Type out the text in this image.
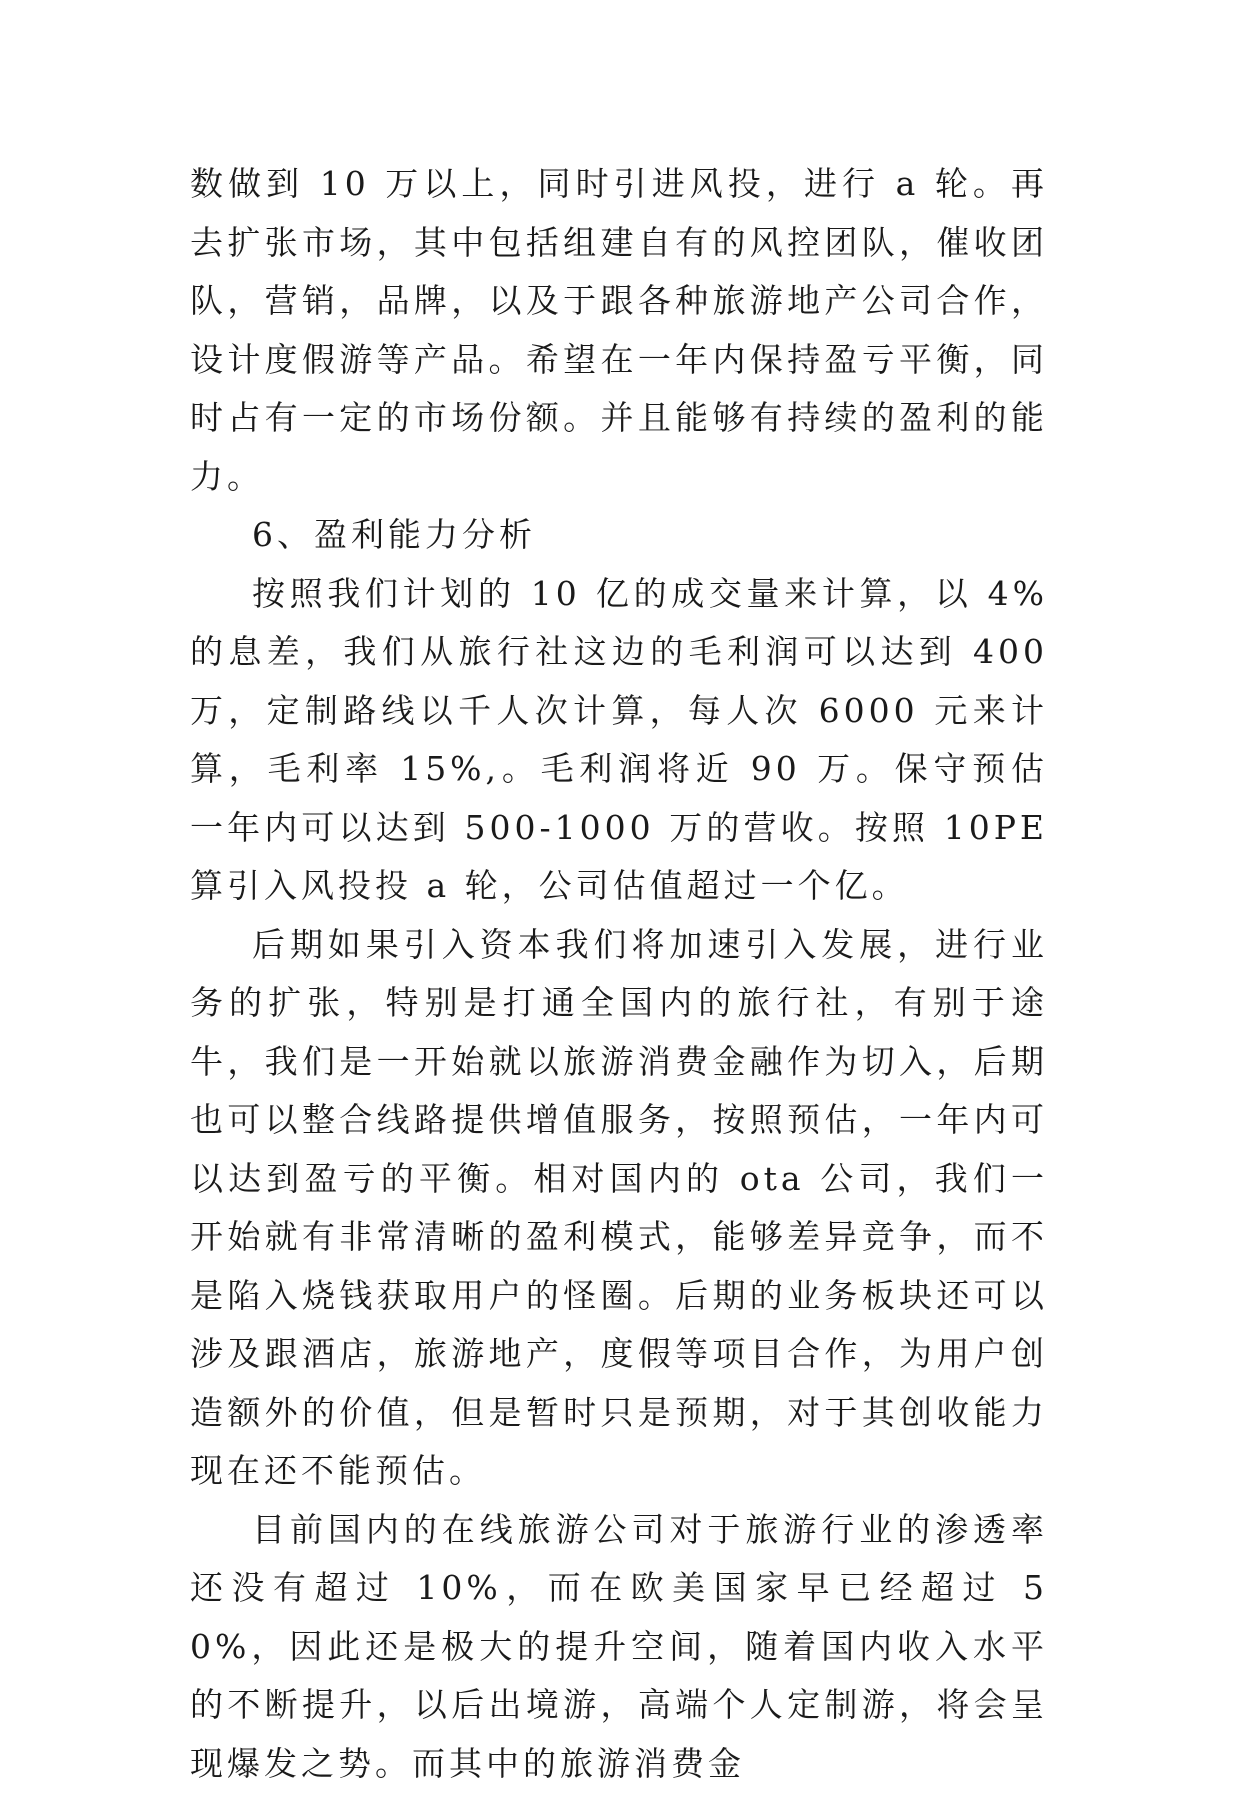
数做到 10 万以上，同时引进风投，进行 a 轮。再去扩张市场，其中包括组建自有的风控团队，催收团队，营销，品牌，以及于跟各种旅游地产公司合作，设计度假游等产品。希望在一年内保持盈亏平衡，同时占有一定的市场份额。并且能够有持续的盈利的能力。

6、盈利能力分析

按照我们计划的 10 亿的成交量来计算，以 4%的息差，我们从旅行社这边的毛利润可以达到 400 万，定制路线以千人次计算，每人次 6000 元来计算，毛利率 15%,。毛利润将近 90 万。保守预估一年内可以达到 500-1000 万的营收。按照 10PE 算引入风投投 a 轮，公司估值超过一个亿。

后期如果引入资本我们将加速引入发展，进行业务的扩张，特别是打通全国内的旅行社，有别于途牛，我们是一开始就以旅游消费金融作为切入，后期也可以整合线路提供增值服务，按照预估，一年内可以达到盈亏的平衡。相对国内的 ota 公司，我们一开始就有非常清晰的盈利模式，能够差异竞争，而不是陷入烧钱获取用户的怪圈。后期的业务板块还可以涉及跟酒店，旅游地产，度假等项目合作，为用户创造额外的价值，但是暂时只是预期，对于其创收能力现在还不能预估。

目前国内的在线旅游公司对于旅游行业的渗透率还没有超过 10%，而在欧美国家早已经超过 50%，因此还是极大的提升空间，随着国内收入水平的不断提升，以后出境游，高端个人定制游，将会呈现爆发之势。而其中的旅游消费金
